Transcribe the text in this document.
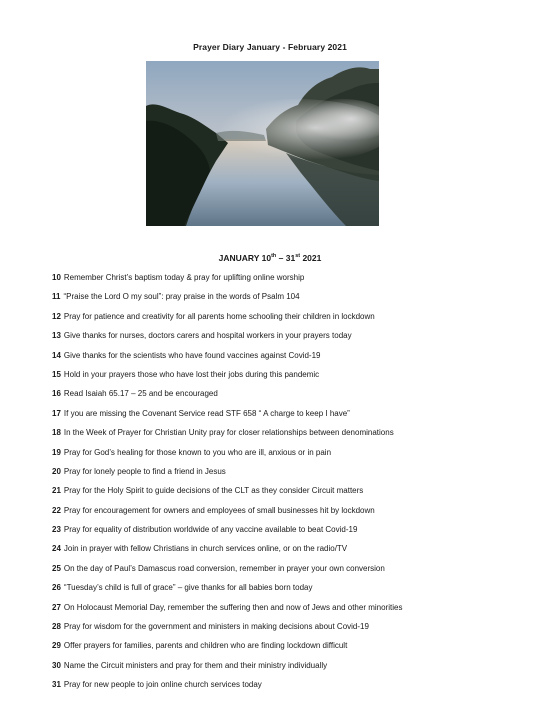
Prayer Diary January - February 2021
JANUARY 10th – 31st 2021
10 Remember Christ’s baptism today & pray for uplifting online worship
11 “Praise the Lord O my soul”: pray praise in the words of Psalm 104
12 Pray for patience and creativity for all parents home schooling their children in lockdown
13 Give thanks for nurses, doctors carers and hospital workers in your prayers today
14 Give thanks for the scientists who have found vaccines against Covid-19
15 Hold in your prayers those who have lost their jobs during this pandemic
16 Read Isaiah 65.17 – 25 and be encouraged
17 If you are missing the Covenant Service read STF 658 “ A charge to keep I have”
18 In the Week of Prayer for Christian Unity pray for closer relationships between denominations
19 Pray for God’s healing for those known to you who are ill, anxious or in pain
20 Pray for lonely people to find a friend in Jesus
21 Pray for the Holy Spirit to guide decisions of the CLT as they consider Circuit matters
22 Pray for encouragement for owners and employees of small businesses hit by lockdown
23 Pray for equality of distribution worldwide of any vaccine available to beat Covid-19
24 Join in prayer with fellow Christians in church services online, or on the radio/TV
25 On the day of Paul’s Damascus road conversion, remember in prayer your own conversion
26 “Tuesday’s child is full of grace” – give thanks for all babies born today
27 On Holocaust Memorial Day, remember the suffering then and now of Jews and other minorities
28 Pray for wisdom for the government and ministers in making decisions about Covid-19
29 Offer prayers for families, parents and children who are finding lockdown difficult
30 Name the Circuit ministers and pray for them and their ministry individually
31 Pray for new people to join online church services today
